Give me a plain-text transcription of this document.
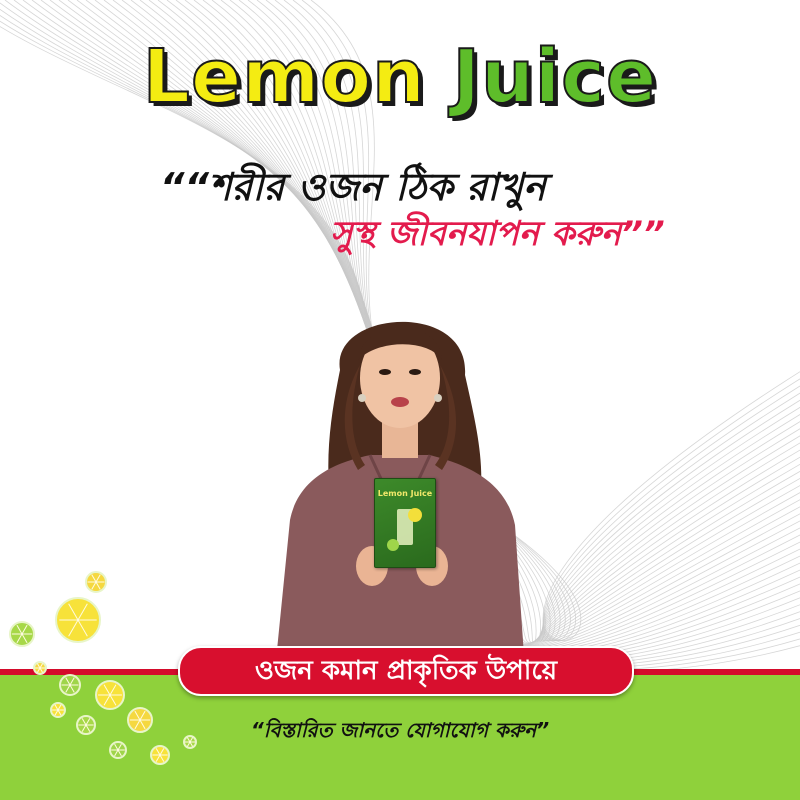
Lemon Juice
““শরীর ওজন ঠিক রাখুন
সুস্থ জীবনযাপন করুন””
Lemon Juice
ওজন কমান প্রাকৃতিক উপায়ে
“বিস্তারিত জানতে যোগাযোগ করুন”
